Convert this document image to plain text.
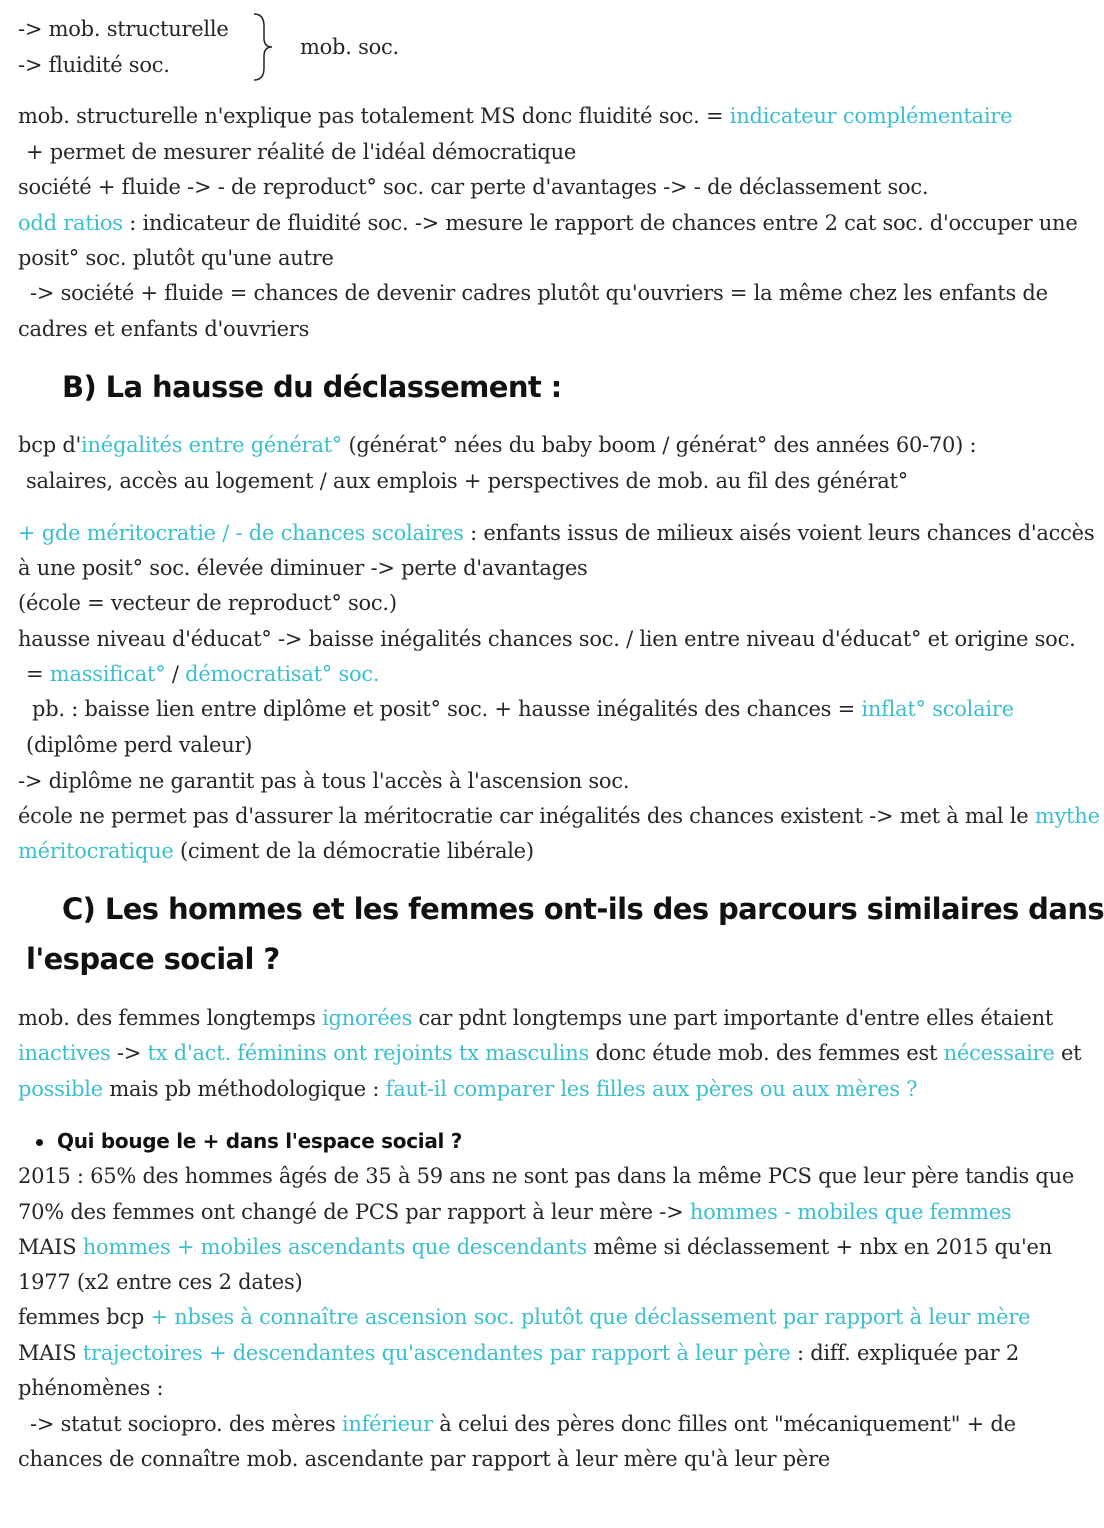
-> mob. structurelle
-> fluidité soc.
mob. soc.
mob. structurelle n'explique pas totalement MS donc fluidité soc. = indicateur complémentaire
+ permet de mesurer réalité de l'idéal démocratique
société + fluide -> - de reproduct° soc. car perte d'avantages -> - de déclassement soc.
odd ratios : indicateur de fluidité soc. -> mesure le rapport de chances entre 2 cat soc. d'occuper une
posit° soc. plutôt qu'une autre
-> société + fluide = chances de devenir cadres plutôt qu'ouvriers = la même chez les enfants de
cadres et enfants d'ouvriers
B) La hausse du déclassement :
bcp d'inégalités entre générat° (générat° nées du baby boom / générat° des années 60-70) :
salaires, accès au logement / aux emplois + perspectives de mob. au fil des générat°
+ gde méritocratie / - de chances scolaires : enfants issus de milieux aisés voient leurs chances d'accès
à une posit° soc. élevée diminuer -> perte d'avantages
(école = vecteur de reproduct° soc.)
hausse niveau d'éducat° -> baisse inégalités chances soc. / lien entre niveau d'éducat° et origine soc.
= massificat° / démocratisat° soc.
pb. : baisse lien entre diplôme et posit° soc. + hausse inégalités des chances = inflat° scolaire
(diplôme perd valeur)
-> diplôme ne garantit pas à tous l'accès à l'ascension soc.
école ne permet pas d'assurer la méritocratie car inégalités des chances existent -> met à mal le mythe
méritocratique (ciment de la démocratie libérale)
C) Les hommes et les femmes ont-ils des parcours similaires dans
l'espace social ?
mob. des femmes longtemps ignorées car pdnt longtemps une part importante d'entre elles étaient
inactives -> tx d'act. féminins ont rejoints tx masculins donc étude mob. des femmes est nécessaire et
possible mais pb méthodologique : faut-il comparer les filles aux pères ou aux mères ?
Qui bouge le + dans l'espace social ?
2015 : 65% des hommes âgés de 35 à 59 ans ne sont pas dans la même PCS que leur père tandis que
70% des femmes ont changé de PCS par rapport à leur mère -> hommes - mobiles que femmes
MAIS hommes + mobiles ascendants que descendants même si déclassement + nbx en 2015 qu'en
1977 (x2 entre ces 2 dates)
femmes bcp + nbses à connaître ascension soc. plutôt que déclassement par rapport à leur mère
MAIS trajectoires + descendantes qu'ascendantes par rapport à leur père : diff. expliquée par 2
phénomènes :
-> statut sociopro. des mères inférieur à celui des pères donc filles ont "mécaniquement" + de
chances de connaître mob. ascendante par rapport à leur mère qu'à leur père
